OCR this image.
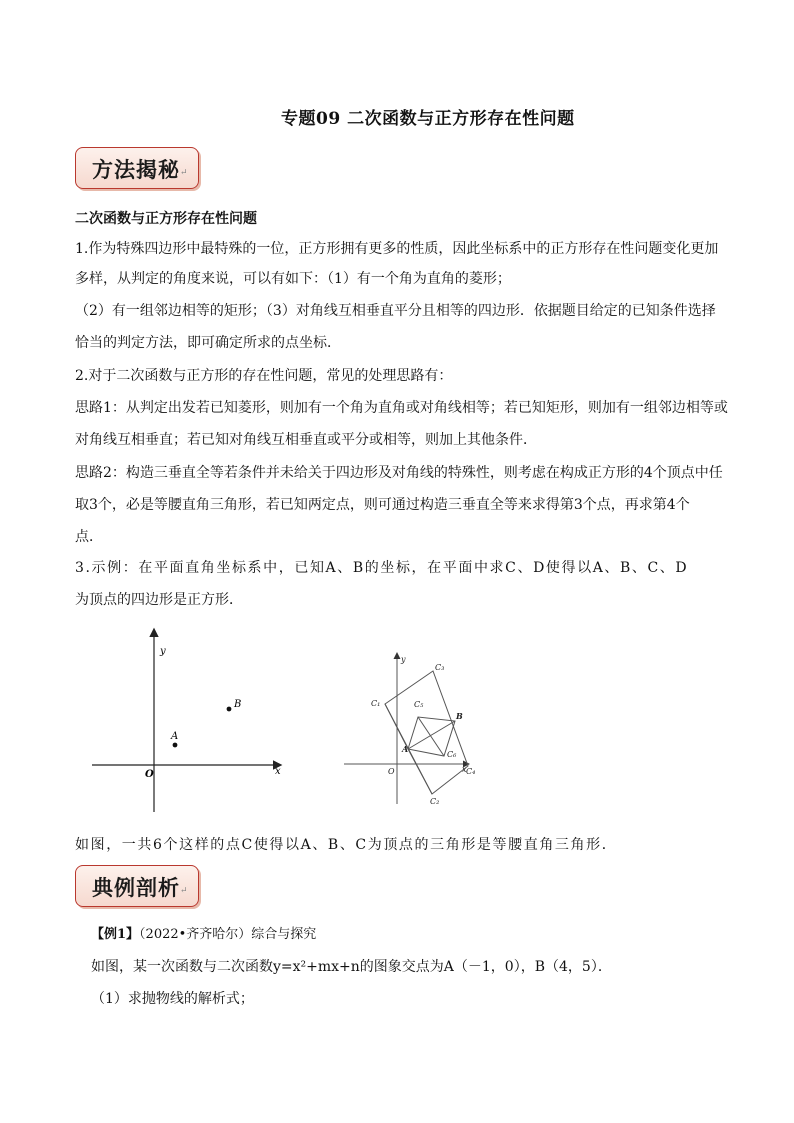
专题09 二次函数与正方形存在性问题
方法揭秘 ↵
二次函数与正方形存在性问题
1.作为特殊四边形中最特殊的一位，正方形拥有更多的性质，因此坐标系中的正方形存在性问题变化更加
多样，从判定的角度来说，可以有如下：（1）有一个角为直角的菱形；
（2）有一组邻边相等的矩形；（3）对角线互相垂直平分且相等的四边形．依据题目给定的已知条件选择
恰当的判定方法，即可确定所求的点坐标．
2.对于二次函数与正方形的存在性问题，常见的处理思路有：
思路1：从判定出发若已知菱形，则加有一个角为直角或对角线相等；若已知矩形，则加有一组邻边相等或
对角线互相垂直；若已知对角线互相垂直或平分或相等，则加上其他条件．
思路2：构造三垂直全等若条件并未给关于四边形及对角线的特殊性，则考虑在构成正方形的4个顶点中任
取3个，必是等腰直角三角形，若已知两定点，则可通过构造三垂直全等来求得第3个点，再求第4个
点．
3.示例：在平面直角坐标系中，已知A、B的坐标，在平面中求C、D使得以A、B、C、D
为顶点的四边形是正方形．
y
x
O
A
B
y
x
O
A
B
C₁
C₂
C₃
C₄
C₅
C₆
如图，一共6个这样的点C使得以A、B、C为顶点的三角形是等腰直角三角形．
典例剖析 ↵
【例1】（2022•齐齐哈尔）综合与探究
如图，某一次函数与二次函数y=x²+mx+n的图象交点为A（－1，0），B（4，5）．
（1）求抛物线的解析式；
